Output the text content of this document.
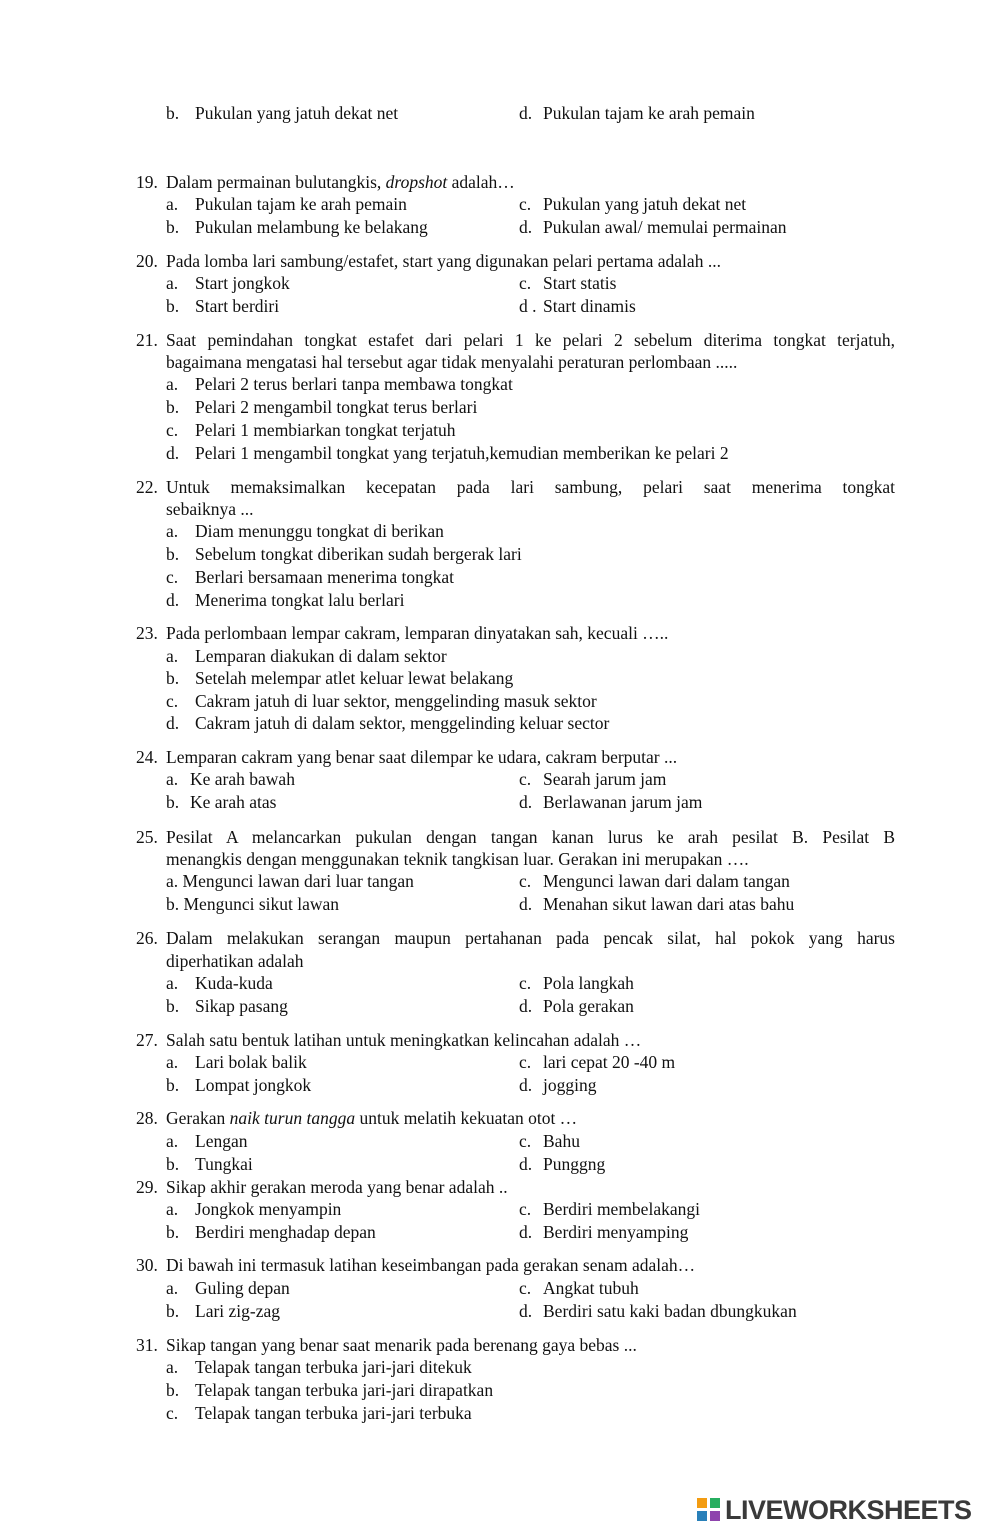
b. Pukulan yang jatuh dekat net	d. Pukulan tajam ke arah pemain
19. Dalam permainan bulutangkis, dropshot adalah…
a. Pukulan tajam ke arah pemain	c. Pukulan yang jatuh dekat net
b. Pukulan melambung ke belakang	d. Pukulan awal/ memulai permainan
20. Pada lomba lari sambung/estafet, start yang digunakan pelari pertama adalah ...
a. Start jongkok	c. Start statis
b. Start berdiri	d . Start dinamis
21. Saat pemindahan tongkat estafet dari pelari 1 ke pelari 2 sebelum diterima tongkat terjatuh,
bagaimana mengatasi hal tersebut agar tidak menyalahi peraturan perlombaan .....
a. Pelari 2 terus berlari tanpa membawa tongkat
b. Pelari 2 mengambil tongkat terus berlari
c. Pelari 1 membiarkan tongkat terjatuh
d. Pelari 1 mengambil tongkat yang terjatuh,kemudian memberikan ke pelari 2
22. Untuk memaksimalkan kecepatan pada lari sambung, pelari saat menerima tongkat
sebaiknya ...
a. Diam menunggu tongkat di berikan
b. Sebelum tongkat diberikan sudah bergerak lari
c. Berlari bersamaan menerima tongkat
d. Menerima tongkat lalu berlari
23. Pada perlombaan lempar cakram, lemparan dinyatakan sah, kecuali …..
a. Lemparan diakukan di dalam sektor
b. Setelah melempar atlet keluar lewat belakang
c. Cakram jatuh di luar sektor, menggelinding masuk sektor
d. Cakram jatuh di dalam sektor, menggelinding keluar sector
24. Lemparan cakram yang benar saat dilempar ke udara, cakram berputar ...
a. Ke arah bawah	c. Searah jarum jam
b. Ke arah atas	d. Berlawanan jarum jam
25. Pesilat A melancarkan pukulan dengan tangan kanan lurus ke arah pesilat B. Pesilat B
menangkis dengan menggunakan teknik tangkisan luar. Gerakan ini merupakan ….
a. Mengunci lawan dari luar tangan	c. Mengunci lawan dari dalam tangan
b. Mengunci sikut lawan	d. Menahan sikut lawan dari atas bahu
26. Dalam melakukan serangan maupun pertahanan pada pencak silat, hal pokok yang harus
diperhatikan adalah
a. Kuda-kuda	c. Pola langkah
b. Sikap pasang	d. Pola gerakan
27. Salah satu bentuk latihan untuk meningkatkan kelincahan adalah …
a. Lari bolak balik	c. lari cepat 20 -40 m
b. Lompat jongkok	d. jogging
28. Gerakan naik turun tangga untuk melatih kekuatan otot …
a. Lengan	c. Bahu
b. Tungkai	d. Punggng
29. Sikap akhir gerakan meroda yang benar adalah ..
a. Jongkok menyampin	c. Berdiri membelakangi
b. Berdiri menghadap depan	d. Berdiri menyamping
30. Di bawah ini termasuk latihan keseimbangan pada gerakan senam adalah…
a. Guling depan	c. Angkat tubuh
b. Lari zig-zag	d. Berdiri satu kaki badan dbungkukan
31. Sikap tangan yang benar saat menarik pada berenang gaya bebas ...
a. Telapak tangan terbuka jari-jari ditekuk
b. Telapak tangan terbuka jari-jari dirapatkan
c. Telapak tangan terbuka jari-jari terbuka
LIVEWORKSHEETS
